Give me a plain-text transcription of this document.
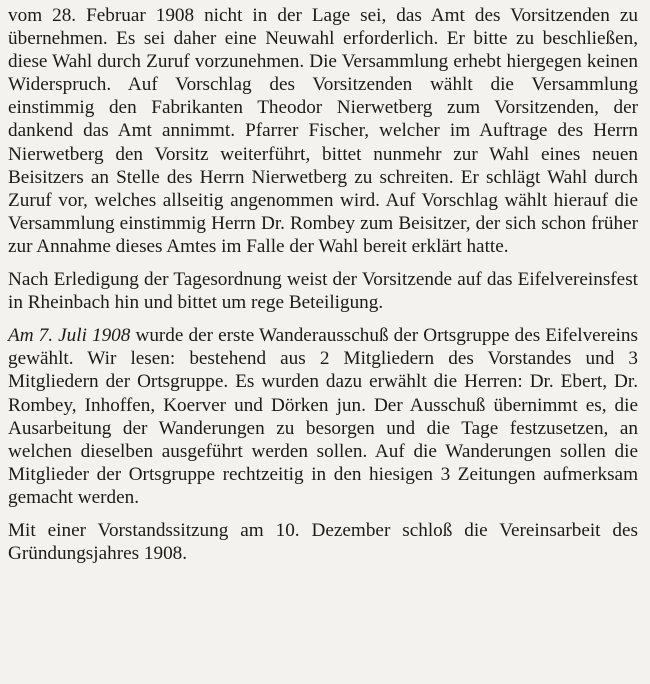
vom 28. Februar 1908 nicht in der Lage sei, das Amt des Vorsitzenden zu übernehmen. Es sei daher eine Neuwahl erforderlich. Er bitte zu beschließen, diese Wahl durch Zuruf vorzunehmen. Die Versammlung erhebt hiergegen keinen Widerspruch. Auf Vorschlag des Vorsitzenden wählt die Versammlung einstimmig den Fabrikanten Theodor Nierwetberg zum Vorsitzenden, der dankend das Amt annimmt. Pfarrer Fischer, welcher im Auftrage des Herrn Nierwetberg den Vorsitz weiterführt, bittet nunmehr zur Wahl eines neuen Beisitzers an Stelle des Herrn Nierwetberg zu schreiten. Er schlägt Wahl durch Zuruf vor, welches allseitig angenommen wird. Auf Vorschlag wählt hierauf die Versammlung einstimmig Herrn Dr. Rombey zum Beisitzer, der sich schon früher zur Annahme dieses Amtes im Falle der Wahl bereit erklärt hatte.

Nach Erledigung der Tagesordnung weist der Vorsitzende auf das Eifelvereinsfest in Rheinbach hin und bittet um rege Beteiligung.

Am 7. Juli 1908 wurde der erste Wanderausschuß der Ortsgruppe des Eifelvereins gewählt. Wir lesen: bestehend aus 2 Mitgliedern des Vorstandes und 3 Mitgliedern der Ortsgruppe. Es wurden dazu erwählt die Herren: Dr. Ebert, Dr. Rombey, Inhoffen, Koerver und Dörken jun. Der Ausschuß übernimmt es, die Ausarbeitung der Wanderungen zu besorgen und die Tage festzusetzen, an welchen dieselben ausgeführt werden sollen. Auf die Wanderungen sollen die Mitglieder der Ortsgruppe rechtzeitig in den hiesigen 3 Zeitungen aufmerksam gemacht werden.

Mit einer Vorstandssitzung am 10. Dezember schloß die Vereinsarbeit des Gründungsjahres 1908.
